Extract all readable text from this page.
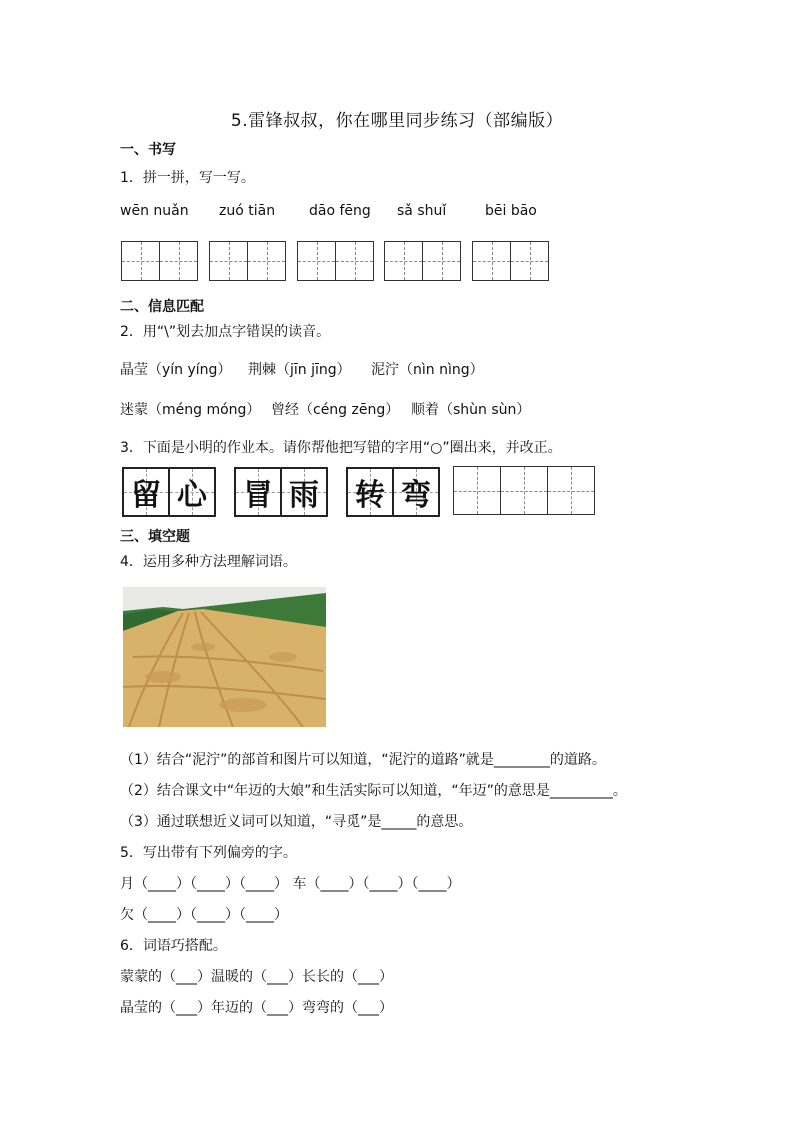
5.雷锋叔叔，你在哪里同步练习（部编版）
一、书写
1．拼一拼，写一写。
wēn nuǎn zuó tiān dāo fēng sǎ shuǐ	bēi bāo
二、信息匹配
2．用“\”划去加点字错误的读音。
晶莹（yín yíng） 荆棘（jīn jīng） 泥泞（nìn nìng）
迷蒙（méng móng） 曾经（céng zēng） 顺着（shùn sùn）
3．下面是小明的作业本。请你帮他把写错的字用“○”圈出来，并改正。
留 心 冒 雨 转 弯
三、填空题
4．运用多种方法理解词语。
（1）结合“泥泞”的部首和图片可以知道，“泥泞的道路”就是________的道路。
（2）结合课文中“年迈的大娘”和生活实际可以知道，“年迈”的意思是_________。
（3）通过联想近义词可以知道，“寻觅”是_____的意思。
5．写出带有下列偏旁的字。
月（____）（____）（____） 车（____）（____）（____）
欠（____）（____）（____）
6．词语巧搭配。
蒙蒙的（___）温暖的（___）长长的（___）
晶莹的（___）年迈的（___）弯弯的（___）
